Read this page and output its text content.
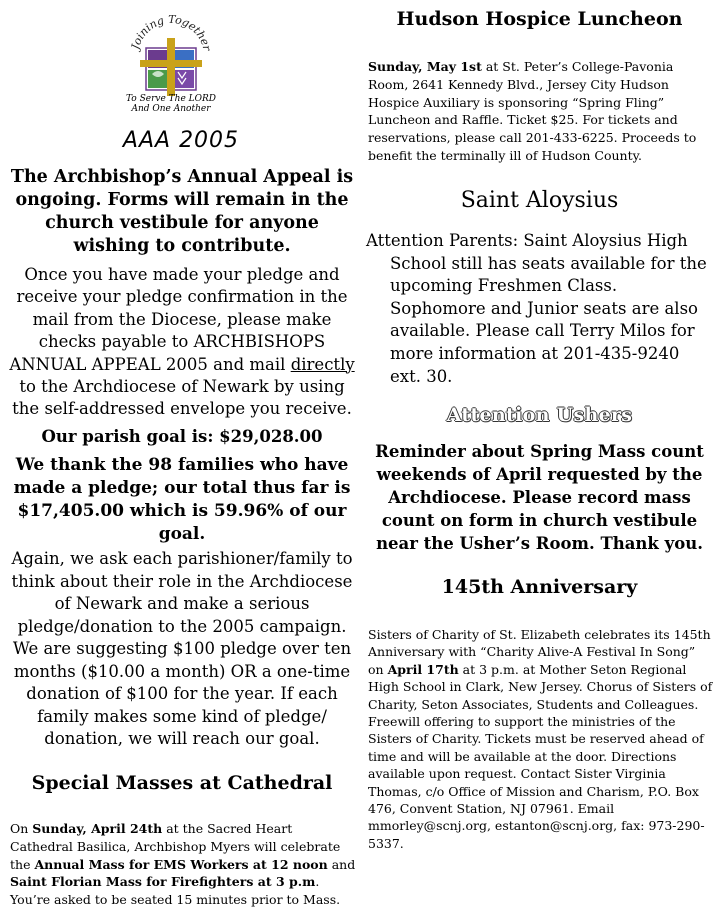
Joining Together
To Serve The LORD
And One Another
AAA 2005
The Archbishop’s Annual Appeal is ongoing. Forms will remain in the church vestibule for anyone wishing to contribute.
Once you have made your pledge and receive your pledge confirmation in the mail from the Diocese, please make checks payable to ARCHBISHOPS ANNUAL APPEAL 2005 and mail directly to the Archdiocese of Newark by using the self-addressed envelope you receive.
Our parish goal is: $29,028.00
We thank the 98 families who have made a pledge; our total thus far is $17,405.00 which is 59.96% of our goal.
Again, we ask each parishioner/family to think about their role in the Archdiocese of Newark and make a serious pledge/donation to the 2005 campaign. We are suggesting $100 pledge over ten months ($10.00 a month) OR a one-time donation of $100 for the year. If each family makes some kind of pledge/ donation, we will reach our goal.
Special Masses at Cathedral
On Sunday, April 24th at the Sacred Heart Cathedral Basilica, Archbishop Myers will celebrate the Annual Mass for EMS Workers at 12 noon and Saint Florian Mass for Firefighters at 3 p.m. You’re asked to be seated 15 minutes prior to Mass.
Hudson Hospice Luncheon
Sunday, May 1st at St. Peter’s College-Pavonia Room, 2641 Kennedy Blvd., Jersey City Hudson Hospice Auxiliary is sponsoring “Spring Fling” Luncheon and Raffle. Ticket $25. For tickets and reservations, please call 201-433-6225. Proceeds to benefit the terminally ill of Hudson County.
Saint Aloysius
Attention Parents: Saint Aloysius High School still has seats available for the upcoming Freshmen Class. Sophomore and Junior seats are also available. Please call Terry Milos for more information at 201-435-9240 ext. 30.
Attention Ushers
Reminder about Spring Mass count weekends of April requested by the Archdiocese. Please record mass count on form in church vestibule near the Usher’s Room. Thank you.
145th Anniversary
Sisters of Charity of St. Elizabeth celebrates its 145th Anniversary with “Charity Alive-A Festival In Song” on April 17th at 3 p.m. at Mother Seton Regional High School in Clark, New Jersey. Chorus of Sisters of Charity, Seton Associates, Students and Colleagues. Freewill offering to support the ministries of the Sisters of Charity. Tickets must be reserved ahead of time and will be available at the door. Directions available upon request. Contact Sister Virginia Thomas, c/o Office of Mission and Charism, P.O. Box 476, Convent Station, NJ 07961. Email mmorley@scnj.org, estanton@scnj.org, fax: 973-290-5337.
